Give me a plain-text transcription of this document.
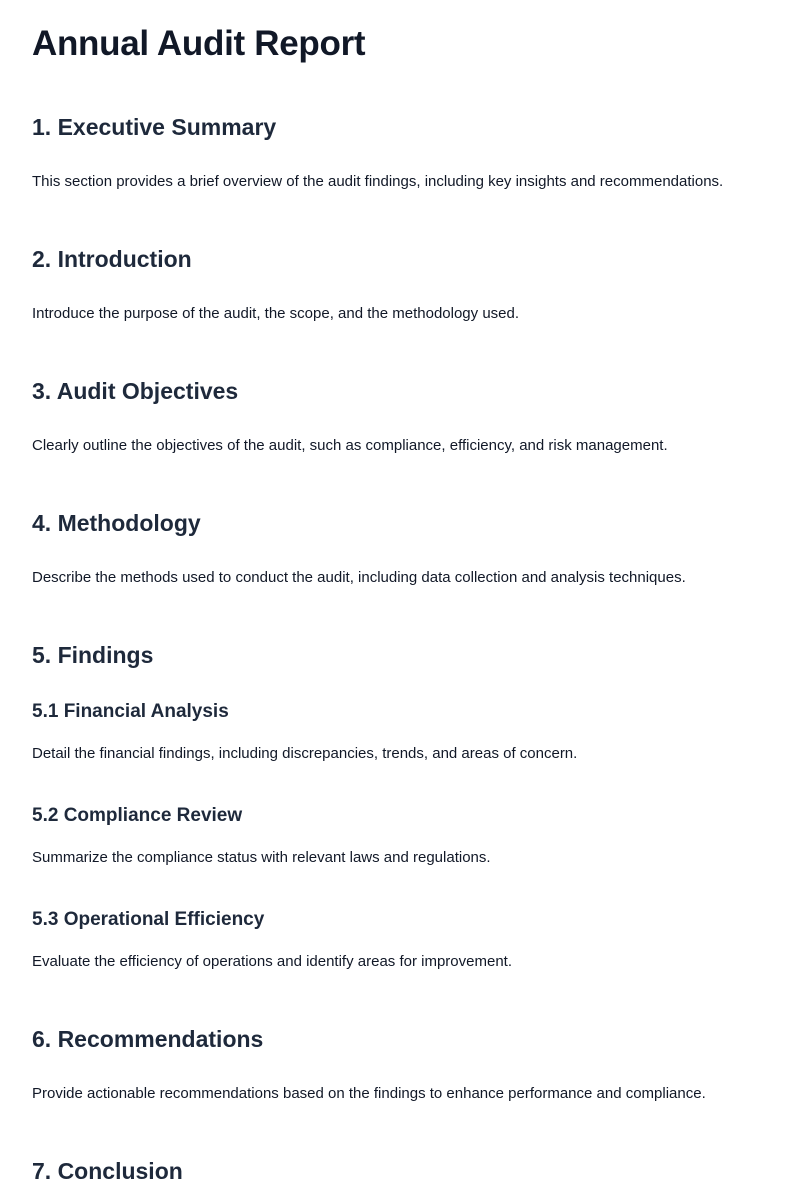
Annual Audit Report
1. Executive Summary

This section provides a brief overview of the audit findings, including key insights and recommendations.

2. Introduction

Introduce the purpose of the audit, the scope, and the methodology used.

3. Audit Objectives

Clearly outline the objectives of the audit, such as compliance, efficiency, and risk management.

4. Methodology

Describe the methods used to conduct the audit, including data collection and analysis techniques.

5. Findings
5.1 Financial Analysis

Detail the financial findings, including discrepancies, trends, and areas of concern.

5.2 Compliance Review

Summarize the compliance status with relevant laws and regulations.

5.3 Operational Efficiency

Evaluate the efficiency of operations and identify areas for improvement.

6. Recommendations

Provide actionable recommendations based on the findings to enhance performance and compliance.

7. Conclusion
